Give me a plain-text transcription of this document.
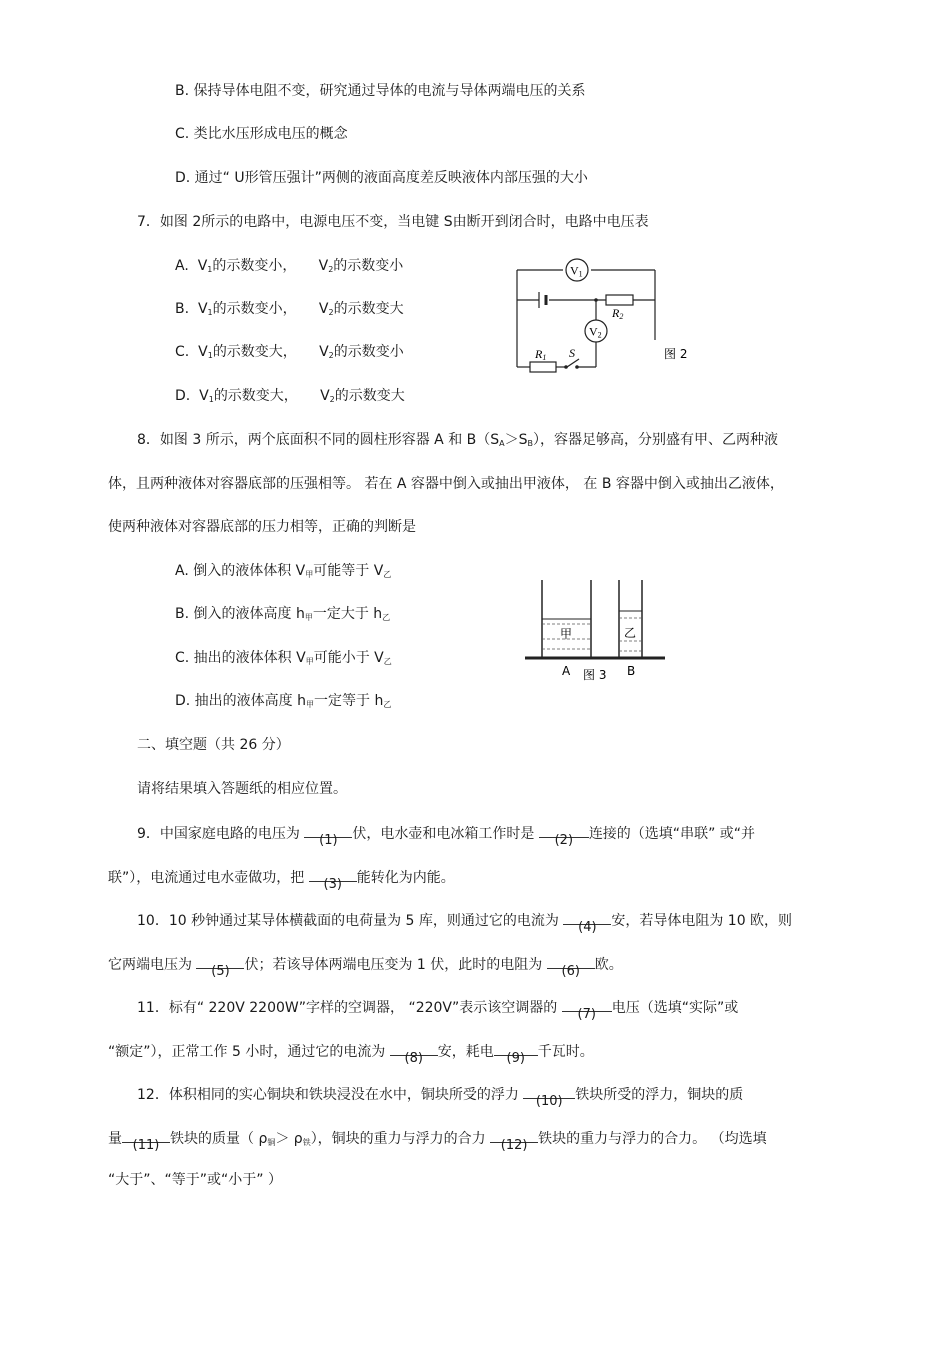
B. 保持导体电阻不变，研究通过导体的电流与导体两端电压的关系
C. 类比水压形成电压的概念
D. 通过“ U形管压强计”两侧的液面高度差反映液体内部压强的大小
7．如图 2所示的电路中，电源电压不变，当电键 S由断开到闭合时，电路中电压表
A. $V_1$的示数变小， $V_2$的示数变小
B. $V_1$的示数变小， $V_2$的示数变大
C. $V_1$的示数变大， $V_2$的示数变小
D. $V_1$的示数变大， $V_2$的示数变大
V1
V2
R2
R1 S	图 2
8．如图 3 所示，两个底面积不同的圆柱形容器 A 和 $B(S_A>S_B)$，容器足够高，分别盛有甲、乙两种液
体，且两种液体对容器底部的压强相等。 若在 A 容器中倒入或抽出甲液体， 在 B 容器中倒入或抽出乙液体，
使两种液体对容器底部的压力相等，正确的判断是
A. 倒入的液体体积 $V_甲$可能等于 $V_乙$
B. 倒入的液体高度 $h_甲$一定大于 $h_乙$
C. 抽出的液体体积 $V_甲$可能小于 $V_乙$
D. 抽出的液体高度 $h_甲$一定等于 $h_乙$
甲	乙
A	B
图 3
二、填空题（共 26 分）
请将结果填入答题纸的相应位置。
9．中国家庭电路的电压为 (1) 伏，电水壶和电冰箱工作时是 (2) 连接的（选填“串联” 或“并
联”），电流通过电水壶做功，把 (3) 能转化为内能。
10．10 秒钟通过某导体横截面的电荷量为 5 库，则通过它的电流为 (4) 安，若导体电阻为 10 欧，则
它两端电压为 (5) 伏；若该导体两端电压变为 1 伏，此时的电阻为 (6) 欧。
11．标有“ 220V 2200W”字样的空调器， “220V”表示该空调器的 (7) 电压（选填“实际”或
“额定”），正常工作 5 小时，通过它的电流为 (8) 安，耗电 (9) 千瓦时。
12．体积相同的实心铜块和铁块浸没在水中，铜块所受的浮力 (10) 铁块所受的浮力，铜块的质
量 (11) 铁块的质量（ $\rho_铜> \rho_铁$），铜块的重力与浮力的合力 (12) 铁块的重力与浮力的合力。 （均选填
“大于”、“等于”或“小于” ）
